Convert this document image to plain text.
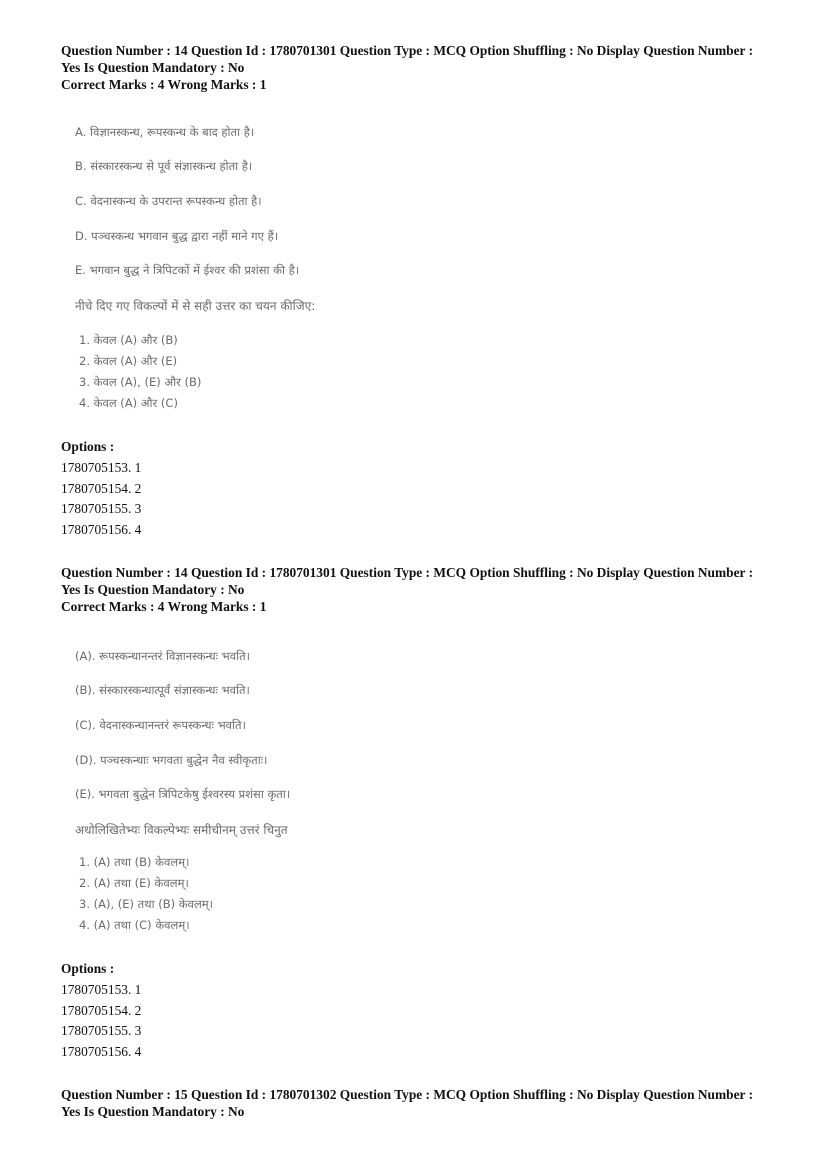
Question Number : 14 Question Id : 1780701301 Question Type : MCQ Option Shuffling : No Display Question Number : Yes Is Question Mandatory : No

Correct Marks : 4 Wrong Marks : 1
A. विज्ञानस्कन्ध, रूपस्कन्ध के बाद होता है।
B. संस्कारस्कन्ध से पूर्व संज्ञास्कन्ध होता है।
C. वेदनास्कन्ध के उपरान्त रूपस्कन्ध होता है।
D. पञ्चस्कन्ध भगवान बुद्ध द्वारा नहीं माने गए हैं।
E. भगवान बुद्ध ने त्रिपिटकों में ईश्वर की प्रशंसा की है।
नीचे दिए गए विकल्पों में से सही उत्तर का चयन कीजिए:
1. केवल (A) और (B)
2. केवल (A) और (E)
3. केवल (A), (E) और (B)
4. केवल (A) और (C)
Options :
1780705153. 1
1780705154. 2
1780705155. 3
1780705156. 4

Question Number : 14 Question Id : 1780701301 Question Type : MCQ Option Shuffling : No Display Question Number : Yes Is Question Mandatory : No

Correct Marks : 4 Wrong Marks : 1
(A). रूपस्कन्धानन्तरं विज्ञानस्कन्धः भवति।
(B). संस्कारस्कन्धात्पूर्वं संज्ञास्कन्धः भवति।
(C). वेदनास्कन्धानन्तरं रूपस्कन्धः भवति।
(D). पञ्चस्कन्धाः भगवता बुद्धेन नैव स्वीकृताः।
(E). भगवता बुद्धेन त्रिपिटकेषु ईश्वरस्य प्रशंसा कृता।
अधोलिखितेभ्यः विकल्पेभ्यः समीचीनम् उत्तरं चिनुत
1. (A) तथा (B) केवलम्।
2. (A) तथा (E) केवलम्।
3. (A), (E) तथा (B) केवलम्।
4. (A) तथा (C) केवलम्।
Options :
1780705153. 1
1780705154. 2
1780705155. 3
1780705156. 4

Question Number : 15 Question Id : 1780701302 Question Type : MCQ Option Shuffling : No Display Question Number : Yes Is Question Mandatory : No
